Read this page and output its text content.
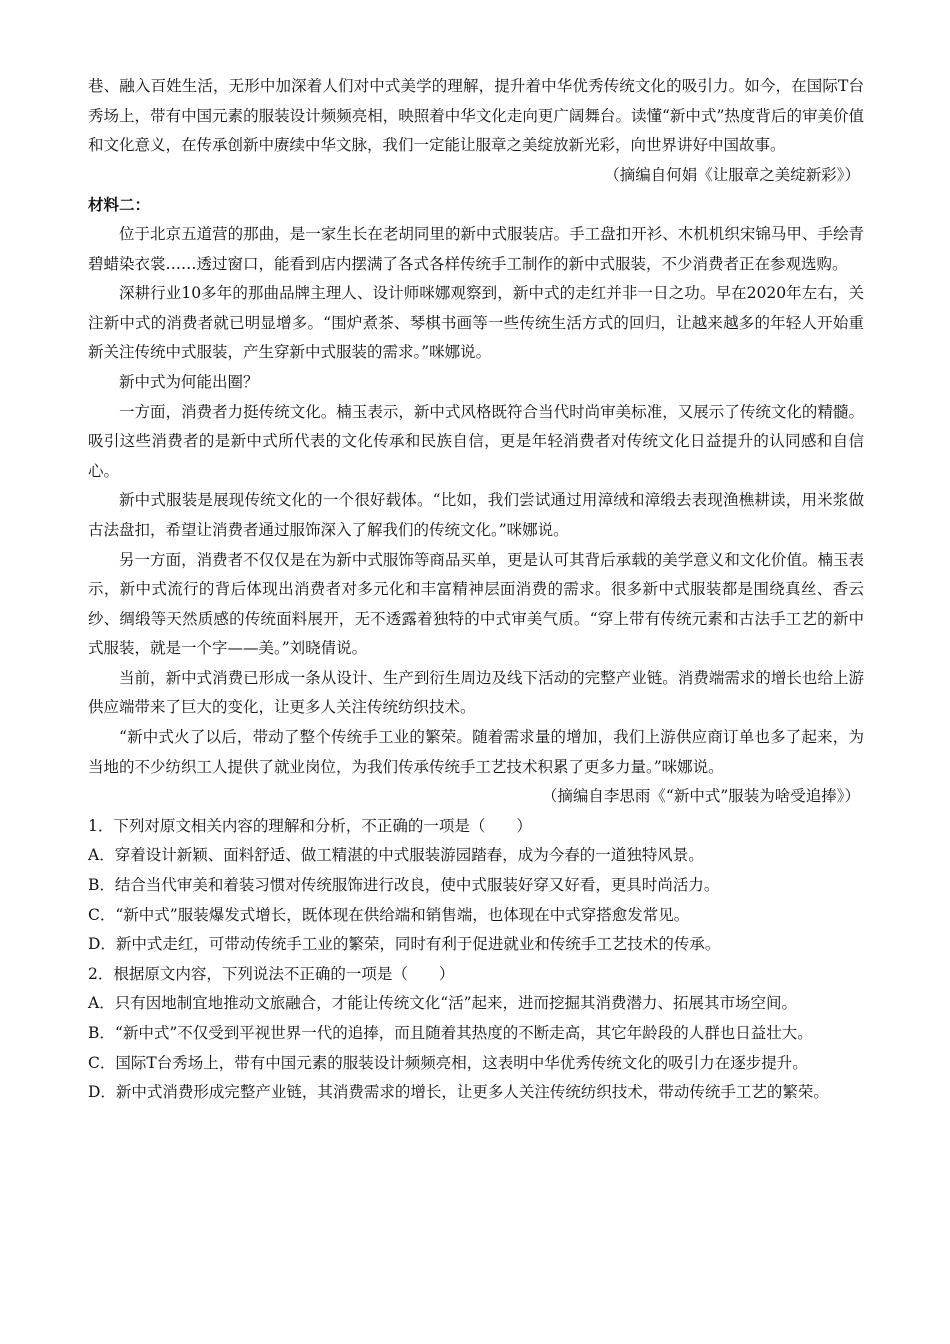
巷、融入百姓生活，无形中加深着人们对中式美学的理解，提升着中华优秀传统文化的吸引力。如今，在国际T台秀场上，带有中国元素的服装设计频频亮相，映照着中华文化走向更广阔舞台。读懂“新中式”热度背后的审美价值和文化意义，在传承创新中赓续中华文脉，我们一定能让服章之美绽放新光彩，向世界讲好中国故事。

（摘编自何娟《让服章之美绽新彩》）

材料二：

位于北京五道营的那曲，是一家生长在老胡同里的新中式服装店。手工盘扣开衫、木机机织宋锦马甲、手绘青碧蜡染衣裳……透过窗口，能看到店内摆满了各式各样传统手工制作的新中式服装，不少消费者正在参观选购。

深耕行业10多年的那曲品牌主理人、设计师咪娜观察到，新中式的走红并非一日之功。早在2020年左右，关注新中式的消费者就已明显增多。“围炉煮茶、琴棋书画等一些传统生活方式的回归，让越来越多的年轻人开始重新关注传统中式服装，产生穿新中式服装的需求。”咪娜说。

新中式为何能出圈？

一方面，消费者力挺传统文化。楠玉表示，新中式风格既符合当代时尚审美标准，又展示了传统文化的精髓。吸引这些消费者的是新中式所代表的文化传承和民族自信，更是年轻消费者对传统文化日益提升的认同感和自信心。

新中式服装是展现传统文化的一个很好载体。“比如，我们尝试通过用漳绒和漳缎去表现渔樵耕读，用米浆做古法盘扣，希望让消费者通过服饰深入了解我们的传统文化。”咪娜说。

另一方面，消费者不仅仅是在为新中式服饰等商品买单，更是认可其背后承载的美学意义和文化价值。楠玉表示，新中式流行的背后体现出消费者对多元化和丰富精神层面消费的需求。很多新中式服装都是围绕真丝、香云纱、绸缎等天然质感的传统面料展开，无不透露着独特的中式审美气质。“穿上带有传统元素和古法手工艺的新中式服装，就是一个字——美。”刘晓倩说。

当前，新中式消费已形成一条从设计、生产到衍生周边及线下活动的完整产业链。消费端需求的增长也给上游供应端带来了巨大的变化，让更多人关注传统纺织技术。

“新中式火了以后，带动了整个传统手工业的繁荣。随着需求量的增加，我们上游供应商订单也多了起来，为当地的不少纺织工人提供了就业岗位，为我们传承传统手工艺技术积累了更多力量。”咪娜说。

（摘编自李思雨《“新中式”服装为啥受追捧》）

1．下列对原文相关内容的理解和分析，不正确的一项是（　　）

A．穿着设计新颖、面料舒适、做工精湛的中式服装游园踏春，成为今春的一道独特风景。

B．结合当代审美和着装习惯对传统服饰进行改良，使中式服装好穿又好看，更具时尚活力。

C．“新中式”服装爆发式增长，既体现在供给端和销售端，也体现在中式穿搭愈发常见。

D．新中式走红，可带动传统手工业的繁荣，同时有利于促进就业和传统手工艺技术的传承。

2．根据原文内容，下列说法不正确的一项是（　　）

A．只有因地制宜地推动文旅融合，才能让传统文化“活”起来，进而挖掘其消费潜力、拓展其市场空间。

B．“新中式”不仅受到平视世界一代的追捧，而且随着其热度的不断走高，其它年龄段的人群也日益壮大。

C．国际T台秀场上，带有中国元素的服装设计频频亮相，这表明中华优秀传统文化的吸引力在逐步提升。

D．新中式消费形成完整产业链，其消费需求的增长，让更多人关注传统纺织技术，带动传统手工艺的繁荣。
